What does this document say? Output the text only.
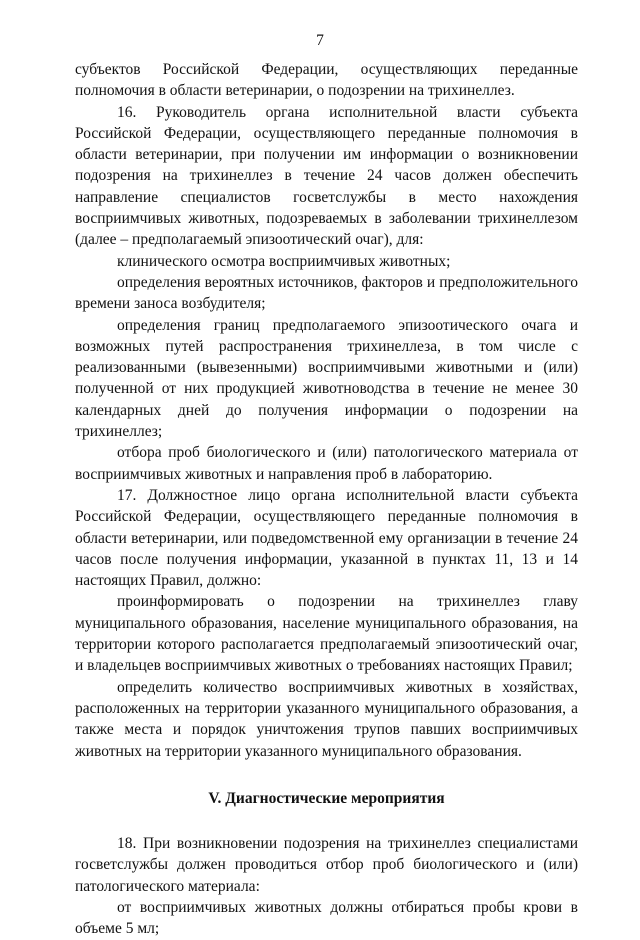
7

субъектов Российской Федерации, осуществляющих переданные полномочия в области ветеринарии, о подозрении на трихинеллез.

16. Руководитель органа исполнительной власти субъекта Российской Федерации, осуществляющего переданные полномочия в области ветеринарии, при получении им информации о возникновении подозрения на трихинеллез в течение 24 часов должен обеспечить направление специалистов госветслужбы в место нахождения восприимчивых животных, подозреваемых в заболевании трихинеллезом (далее – предполагаемый эпизоотический очаг), для:

клинического осмотра восприимчивых животных;

определения вероятных источников, факторов и предположительного времени заноса возбудителя;

определения границ предполагаемого эпизоотического очага и возможных путей распространения трихинеллеза, в том числе с реализованными (вывезенными) восприимчивыми животными и (или) полученной от них продукцией животноводства в течение не менее 30 календарных дней до получения информации о подозрении на трихинеллез;

отбора проб биологического и (или) патологического материала от восприимчивых животных и направления проб в лабораторию.

17. Должностное лицо органа исполнительной власти субъекта Российской Федерации, осуществляющего переданные полномочия в области ветеринарии, или подведомственной ему организации в течение 24 часов после получения информации, указанной в пунктах 11, 13 и 14 настоящих Правил, должно:

проинформировать о подозрении на трихинеллез главу муниципального образования, население муниципального образования, на территории которого располагается предполагаемый эпизоотический очаг, и владельцев восприимчивых животных о требованиях настоящих Правил;

определить количество восприимчивых животных в хозяйствах, расположенных на территории указанного муниципального образования, а также места и порядок уничтожения трупов павших восприимчивых животных на территории указанного муниципального образования.

V. Диагностические мероприятия

18. При возникновении подозрения на трихинеллез специалистами госветслужбы должен проводиться отбор проб биологического и (или) патологического материала:

от восприимчивых животных должны отбираться пробы крови в объеме 5 мл;
